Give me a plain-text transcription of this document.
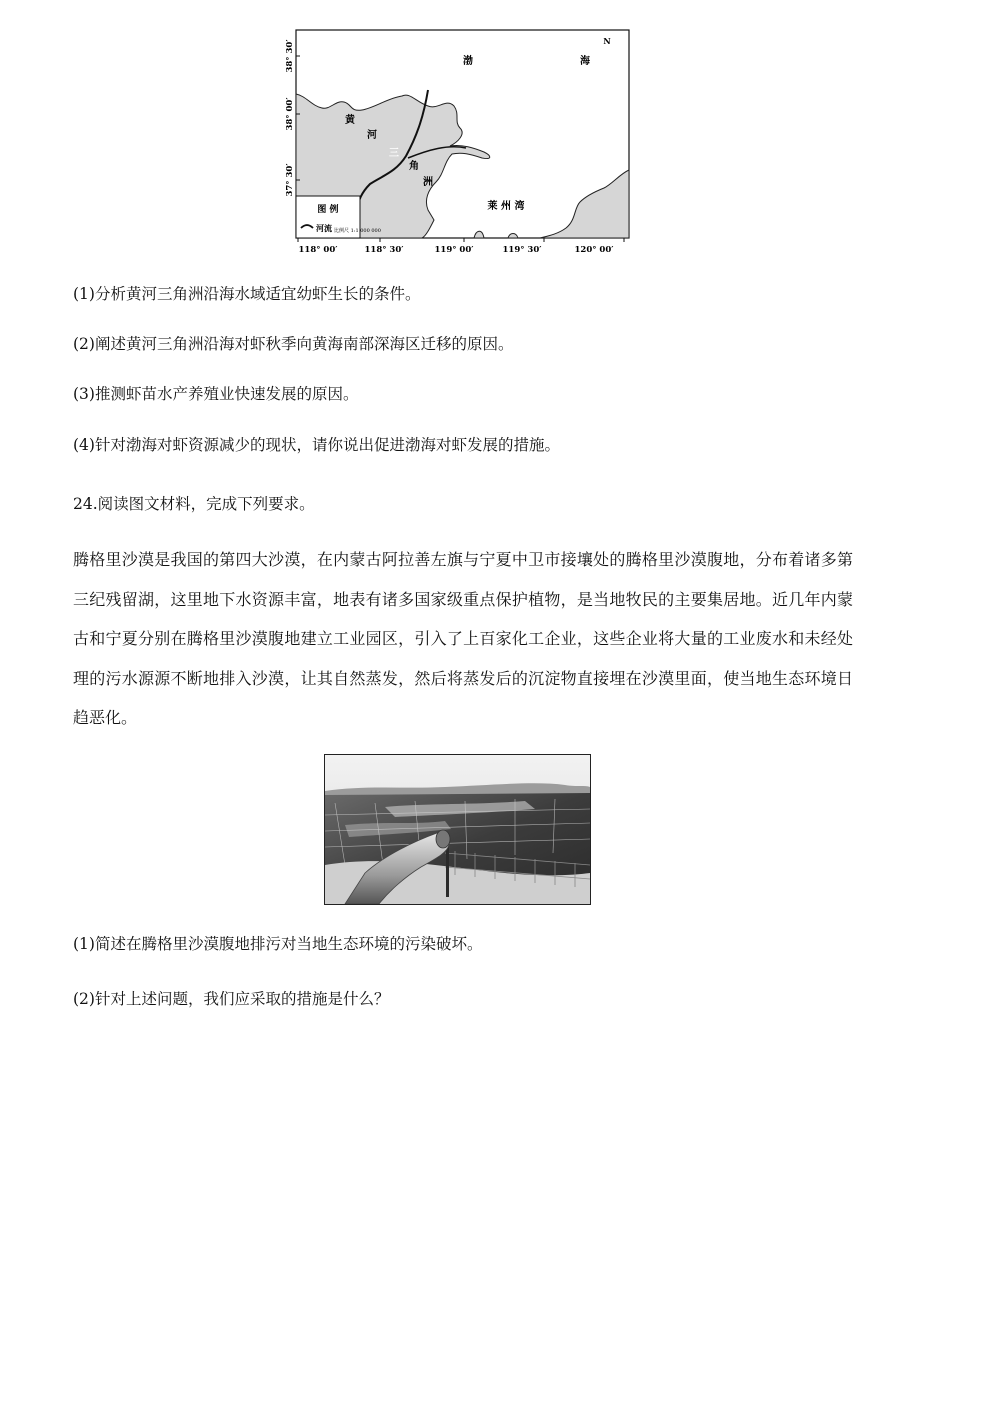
图 例
河流 比例尺 1:1 000 000
渤	海
N
黄
河
三
角
洲
莱 州 湾
38° 30′
38° 00′
37° 30′
118° 00′	118° 30′	119° 00′	119° 30′	120° 00′
(1)分析黄河三角洲沿海水域适宜幼虾生长的条件。
(2)阐述黄河三角洲沿海对虾秋季向黄海南部深海区迁移的原因。
(3)推测虾苗水产养殖业快速发展的原因。
(4)针对渤海对虾资源减少的现状，请你说出促进渤海对虾发展的措施。
24.阅读图文材料，完成下列要求。

腾格里沙漠是我国的第四大沙漠，在内蒙古阿拉善左旗与宁夏中卫市接壤处的腾格里沙漠腹地，分布着诸多第三纪残留湖，这里地下水资源丰富，地表有诸多国家级重点保护植物，是当地牧民的主要集居地。近几年内蒙古和宁夏分别在腾格里沙漠腹地建立工业园区，引入了上百家化工企业，这些企业将大量的工业废水和未经处理的污水源源不断地排入沙漠，让其自然蒸发，然后将蒸发后的沉淀物直接埋在沙漠里面，使当地生态环境日趋恶化。

(1)简述在腾格里沙漠腹地排污对当地生态环境的污染破坏。
(2)针对上述问题，我们应采取的措施是什么？
